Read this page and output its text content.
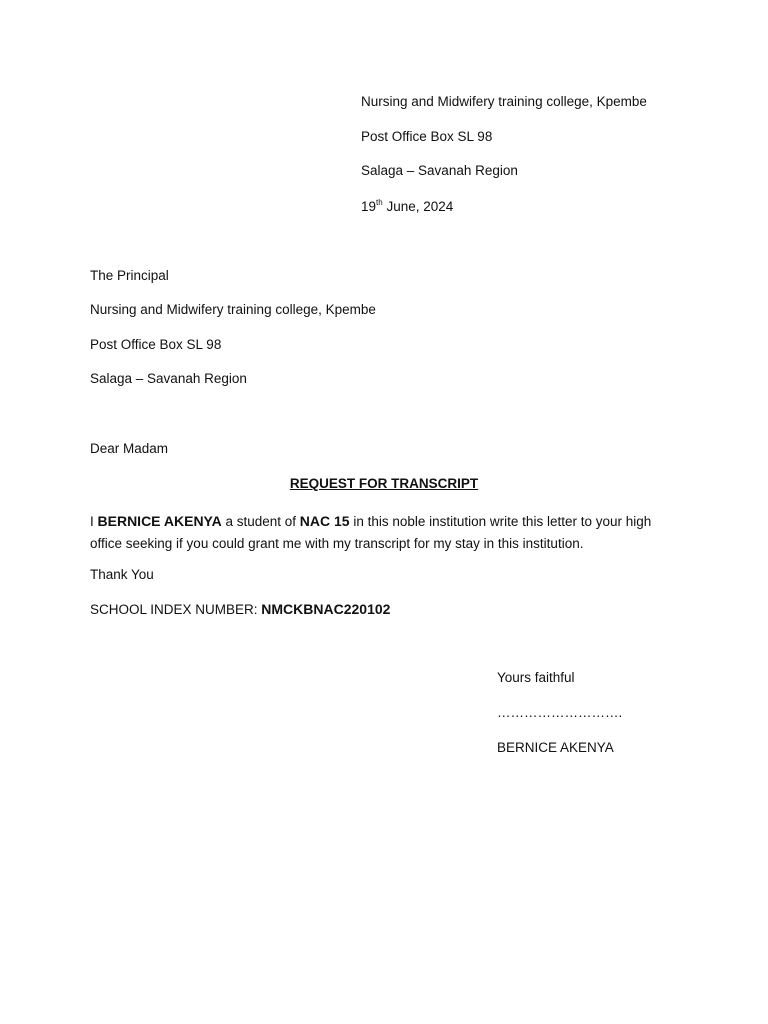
Nursing and Midwifery training college, Kpembe
Post Office Box SL 98
Salaga – Savanah Region
19th June, 2024
The Principal
Nursing and Midwifery training college, Kpembe
Post Office Box SL 98
Salaga – Savanah Region
Dear Madam
REQUEST FOR TRANSCRIPT
I BERNICE AKENYA a student of NAC 15 in this noble institution write this letter to your high office seeking if you could grant me with my transcript for my stay in this institution.
Thank You
SCHOOL INDEX NUMBER: NMCKBNAC220102
Yours faithful
……………………….
BERNICE AKENYA
